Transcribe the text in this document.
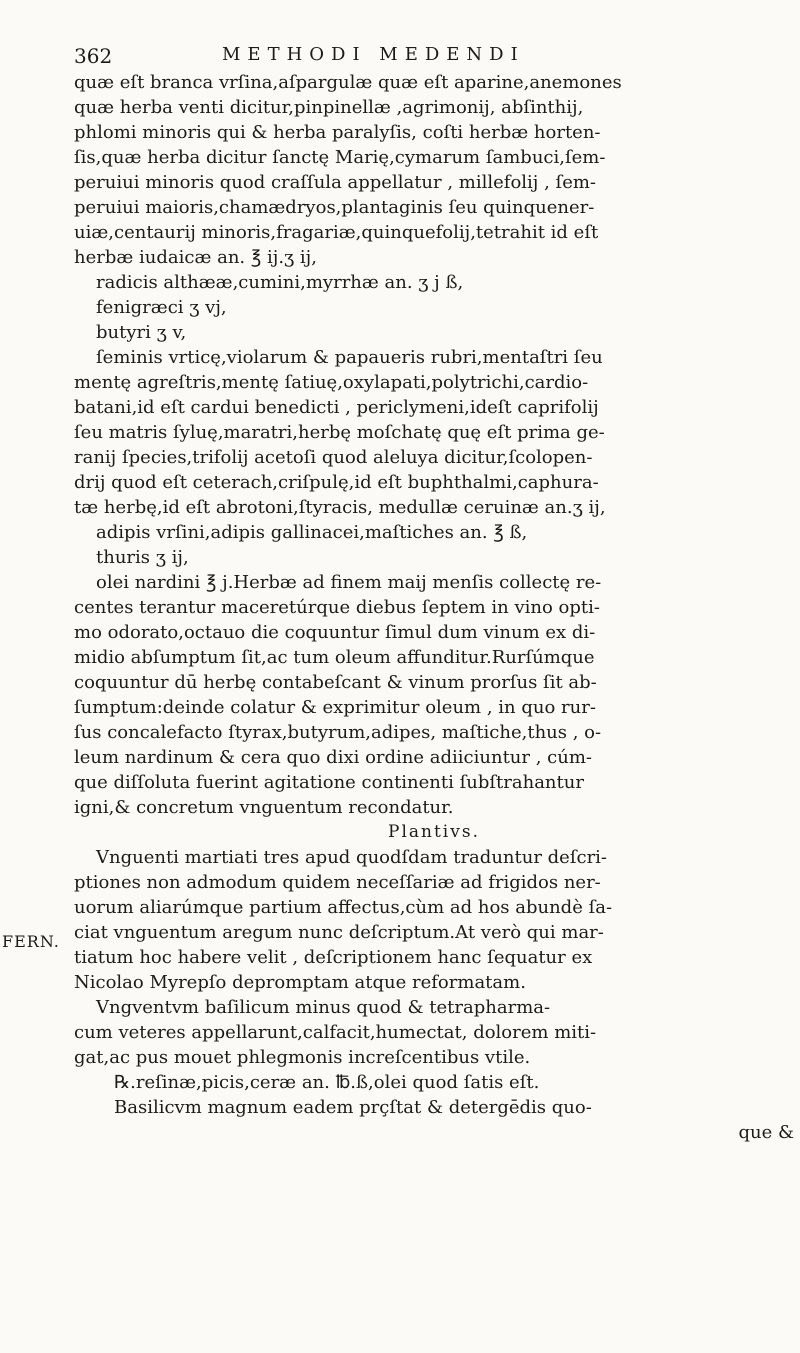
362	METHODI MEDENDI
FERN.
quæ eſt branca vrſina,aſpargulæ quæ eſt aparine,anemones
quæ herba venti dicitur,pinpinellæ ,agrimonij, abſinthij,
phlomi minoris qui & herba paralyſis, coſti herbæ horten-
ſis,quæ herba dicitur ſanctę Marię,cymarum ſambuci,ſem-
peruiui minoris quod craſſula appellatur , millefolij , ſem-
peruiui maioris,chamædryos,plantaginis ſeu quinquener-
uiæ,centaurij minoris,fragariæ,quinquefolij,tetrahit id eſt
herbæ iudaicæ an. ℥ ij.ʒ ij,
radicis althææ,cumini,myrrhæ an. ʒ j ß,
fenigræci ʒ vj,
butyri ʒ v,
ſeminis vrticę,violarum & papaueris rubri,mentaſtri ſeu
mentę agreſtris,mentę ſatiuę,oxylapati,polytrichi,cardio-
batani,id eſt cardui benedicti , periclymeni,ideſt caprifolij
ſeu matris ſyluę,maratri,herbę moſchatę quę eſt prima ge-
ranij ſpecies,trifolij acetoſi quod aleluya dicitur,ſcolopen-
drij quod eſt ceterach,criſpulę,id eſt buphthalmi,caphura-
tæ herbę,id eſt abrotoni,ſtyracis, medullæ ceruinæ an.ʒ ij,
adipis vrſini,adipis gallinacei,maſtiches an. ℥ ß,
thuris ʒ ij,
olei nardini ℥ j.Herbæ ad finem maij menſis collectę re-
centes terantur maceretúrque diebus ſeptem in vino opti-
mo odorato,octauo die coquuntur ſimul dum vinum ex di-
midio abſumptum ſit,ac tum oleum affunditur.Rurſúmque
coquuntur dū herbę contabeſcant & vinum prorſus ſit ab-
ſumptum:deinde colatur & exprimitur oleum , in quo rur-
ſus concalefacto ſtyrax,butyrum,adipes, maſtiche,thus , o-
leum nardinum & cera quo dixi ordine adiiciuntur , cúm-
que diſſoluta fuerint agitatione continenti ſubſtrahantur
igni,& concretum vnguentum recondatur.
Plantivs.
Vnguenti martiati tres apud quodſdam traduntur deſcri-
ptiones non admodum quidem neceſſariæ ad frigidos ner-
uorum aliarúmque partium affectus,cùm ad hos abundè ſa-
ciat vnguentum aregum nunc deſcriptum.At verò qui mar-
tiatum hoc habere velit , deſcriptionem hanc ſequatur ex
Nicolao Myrepſo depromptam atque reformatam.
Vngventvm baſilicum minus quod & tetrapharma-
cum veteres appellarunt,calfacit,humectat, dolorem miti-
gat,ac pus mouet phlegmonis increſcentibus vtile.
℞.reſinæ,picis,ceræ an. ℔.ß,olei quod ſatis eſt.
Basilicvm magnum eadem prçſtat & detergēdis quo-
que &
